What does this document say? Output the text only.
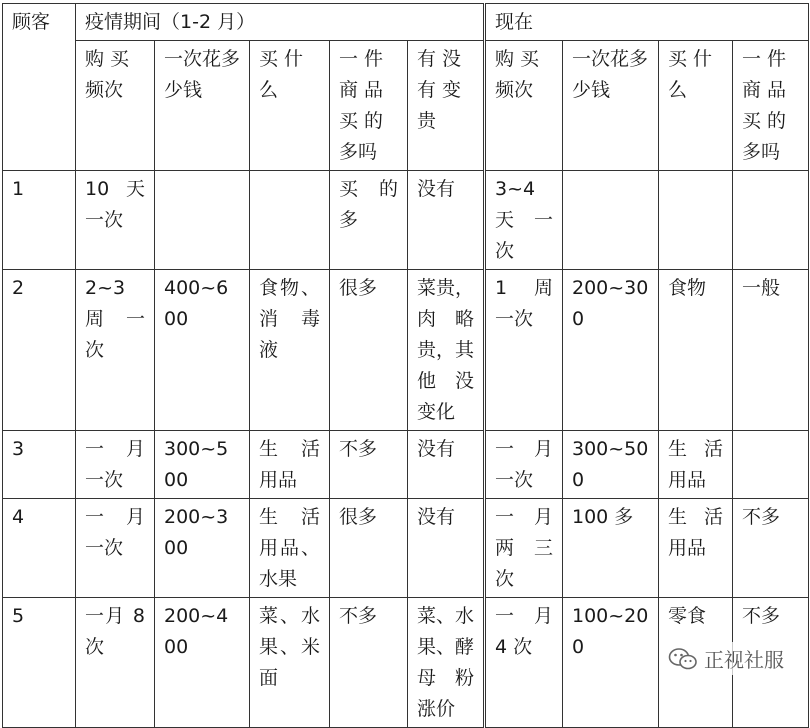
顾客	疫情期间（1-2 月）					现在			
	购 买 频次	一次花多少钱	买 什 么	一 件 商 品 买 的 多吗	有 没 有 变 贵	购 买 频次	一次花多少钱	买 什 么	一 件 商 品 买 的 多吗
1	10 天 一次			买 的 多	没有	3~4 天 一 次			
2	2~3 周 一次	400~600	食物、 消 毒 液	很多	菜贵， 肉 略 贵，其 他 没 变化	1 周 一次	200~300	食物	一般
3	一 月 一次	300~500	生 活 用品	不多	没有	一 月 一次	300~500	生 活 用品	
4	一 月 一次	200~300	生 活 用品、 水果	很多	没有	一 月 两 三 次	100 多	生 活 用品	不多
5	一月 8 次	200~400	菜、水 果、米 面	不多	菜、水 果、酵 母 粉 涨价	一 月 4 次	100~200	零食	不多
正视社服
